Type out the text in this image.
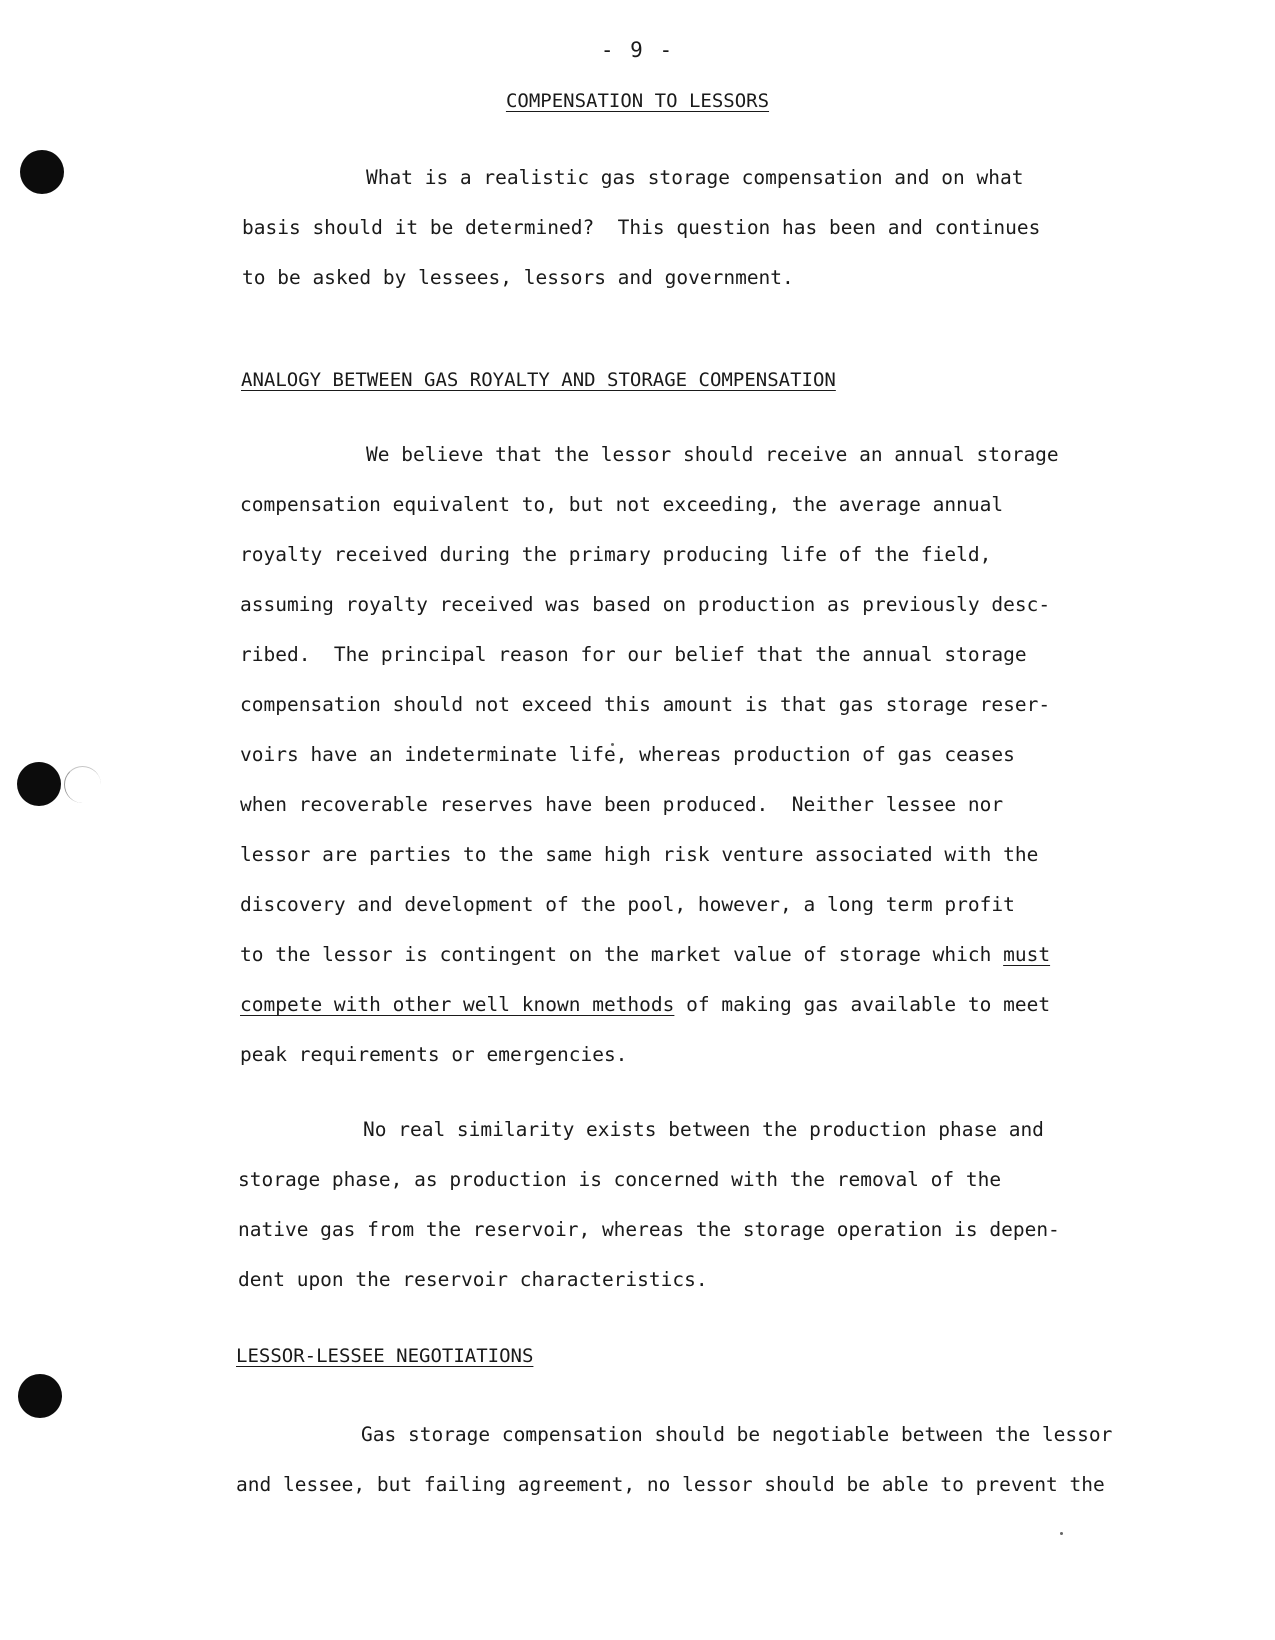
- 9 -
COMPENSATION TO LESSORS
What is a realistic gas storage compensation and on what
basis should it be determined?  This question has been and continues
to be asked by lessees, lessors and government.
ANALOGY BETWEEN GAS ROYALTY AND STORAGE COMPENSATION
We believe that the lessor should receive an annual storage
compensation equivalent to, but not exceeding, the average annual
royalty received during the primary producing life of the field,
assuming royalty received was based on production as previously desc-
ribed.  The principal reason for our belief that the annual storage
compensation should not exceed this amount is that gas storage reser-
voirs have an indeterminate life, whereas production of gas ceases
when recoverable reserves have been produced.  Neither lessee nor
lessor are parties to the same high risk venture associated with the
discovery and development of the pool, however, a long term profit
to the lessor is contingent on the market value of storage which must
compete with other well known methods of making gas available to meet
peak requirements or emergencies.
No real similarity exists between the production phase and
storage phase, as production is concerned with the removal of the
native gas from the reservoir, whereas the storage operation is depen-
dent upon the reservoir characteristics.
LESSOR-LESSEE NEGOTIATIONS
Gas storage compensation should be negotiable between the lessor
and lessee, but failing agreement, no lessor should be able to prevent the
